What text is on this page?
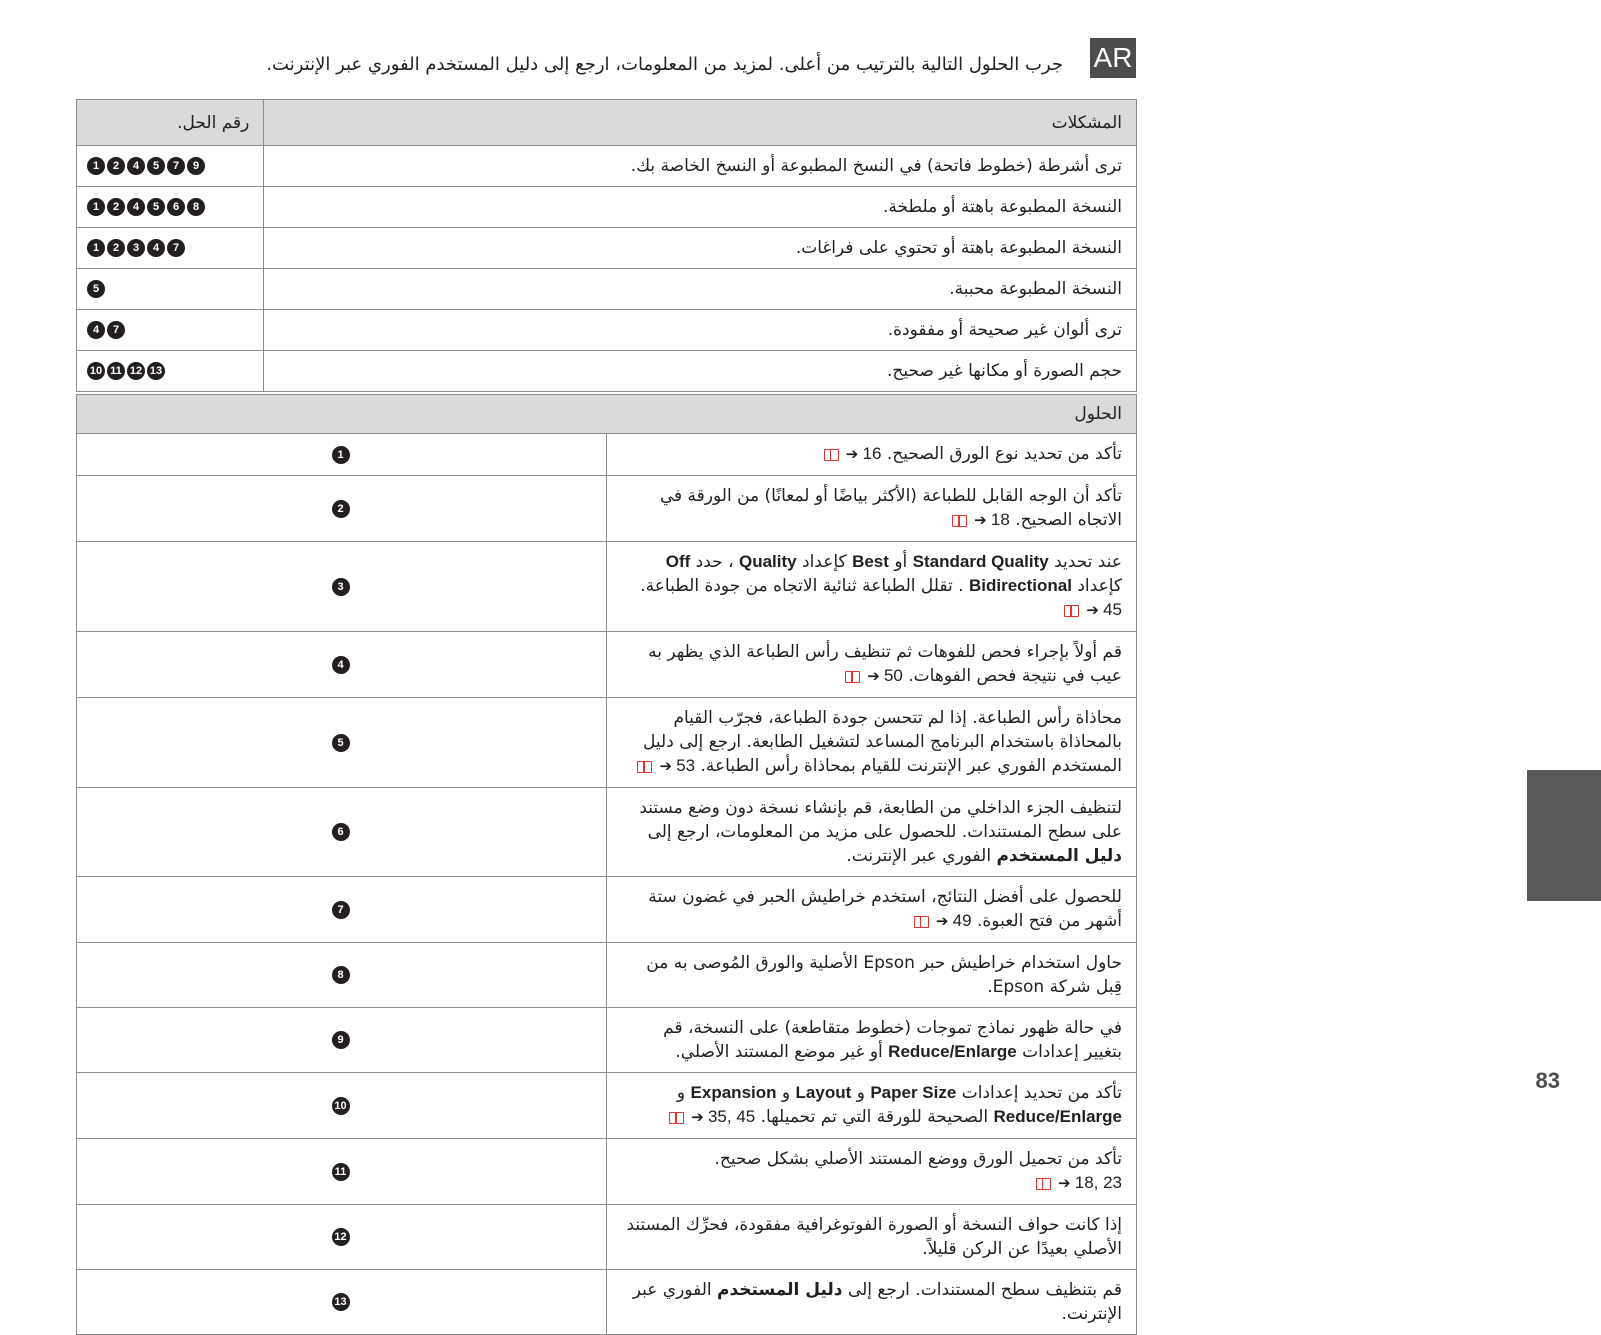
AR
جرب الحلول التالية بالترتيب من أعلى. لمزيد من المعلومات، ارجع إلى دليل المستخدم الفوري عبر الإنترنت.
المشكلات	رقم الحل.
ترى أشرطة (خطوط فاتحة) في النسخ المطبوعة أو النسخ الخاصة بك.	1 2 4 5 7 9
النسخة المطبوعة باهتة أو ملطخة.	1 2 4 5 6 8
النسخة المطبوعة باهتة أو تحتوي على فراغات.	1 2 3 4 7
النسخة المطبوعة محببة.	5
ترى ألوان غير صحيحة أو مفقودة.	4 7
حجم الصورة أو مكانها غير صحيح.	10 11 12 13
الحلول	
تأكد من تحديد نوع الورق الصحيح.  ➔ 16	1
تأكد أن الوجه القابل للطباعة (الأكثر بياضًا أو لمعانًا) من الورقة في الاتجاه الصحيح.  ➔ 18	2
عند تحديد Standard Quality أو Best كإعداد Quality ، حدد Off كإعداد Bidirectional . تقلل الطباعة ثنائية الاتجاه من جودة الطباعة.  ➔ 45	3
قم أولاً بإجراء فحص للفوهات ثم تنظيف رأس الطباعة الذي يظهر به عيب في نتيجة فحص الفوهات.  ➔ 50	4
محاذاة رأس الطباعة. إذا لم تتحسن جودة الطباعة، فجرّب القيام بالمحاذاة باستخدام البرنامج المساعد لتشغيل الطابعة. ارجع إلى دليل المستخدم الفوري عبر الإنترنت للقيام بمحاذاة رأس الطباعة.  ➔ 53	5
لتنظيف الجزء الداخلي من الطابعة، قم بإنشاء نسخة دون وضع مستند على سطح المستندات. للحصول على مزيد من المعلومات، ارجع إلى دليل المستخدم الفوري عبر الإنترنت.	6
للحصول على أفضل النتائج، استخدم خراطيش الحبر في غضون ستة أشهر من فتح العبوة.  ➔ 49	7
حاول استخدام خراطيش حبر Epson الأصلية والورق المُوصى به من قِبل شركة Epson.	8
في حالة ظهور نماذج تموجات (خطوط متقاطعة) على النسخة، قم بتغيير إعدادات Reduce/Enlarge أو غير موضع المستند الأصلي.	9
تأكد من تحديد إعدادات Paper Size و Layout و Expansion و Reduce/Enlarge الصحيحة للورقة التي تم تحميلها.  ➔ 35, 45	10
تأكد من تحميل الورق ووضع المستند الأصلي بشكل صحيح.  ➔ 18, 23	11
إذا كانت حواف النسخة أو الصورة الفوتوغرافية مفقودة، فحرِّك المستند الأصلي بعيدًا عن الركن قليلاً.	12
قم بتنظيف سطح المستندات. ارجع إلى دليل المستخدم الفوري عبر الإنترنت.	13
83
